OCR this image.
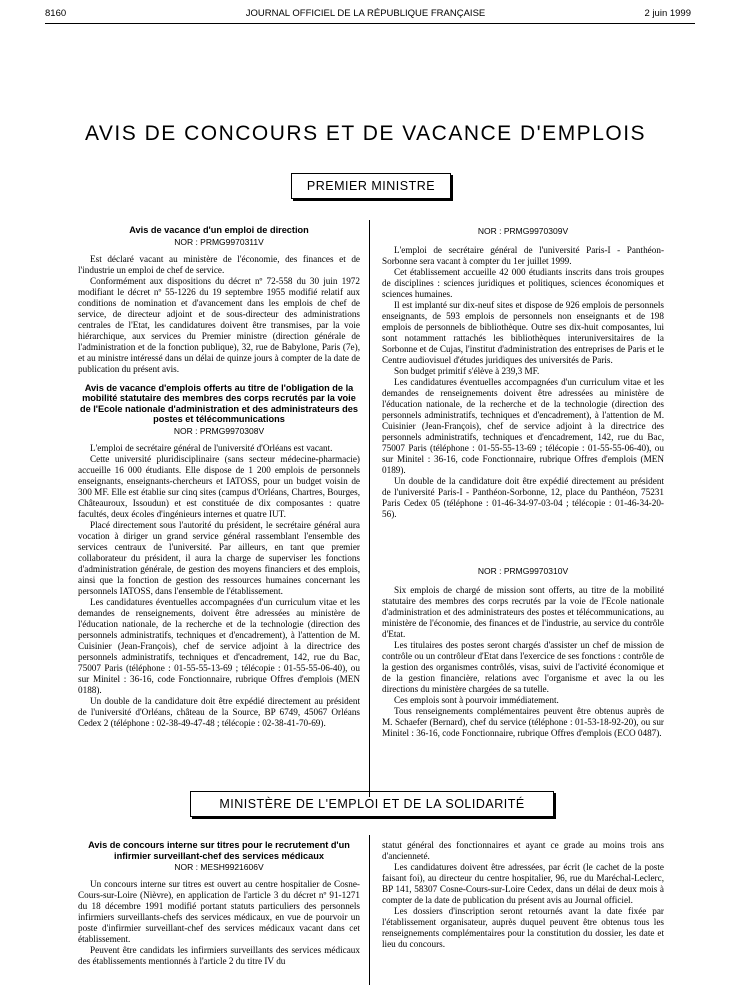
8160	JOURNAL OFFICIEL DE LA RÉPUBLIQUE FRANÇAISE	2 juin 1999
AVIS DE CONCOURS ET DE VACANCE D'EMPLOIS
PREMIER MINISTRE
Avis de vacance d'un emploi de direction
NOR : PRMG9970311V

Est déclaré vacant au ministère de l'économie, des finances et de l'industrie un emploi de chef de service.

Conformément aux dispositions du décret nº 72-558 du 30 juin 1972 modifiant le décret nº 55-1226 du 19 septembre 1955 modifié relatif aux conditions de nomination et d'avancement dans les emplois de chef de service, de directeur adjoint et de sous-directeur des administrations centrales de l'Etat, les candidatures doivent être transmises, par la voie hiérarchique, aux services du Premier ministre (direction générale de l'administration et de la fonction publique), 32, rue de Babylone, Paris (7e), et au ministre intéressé dans un délai de quinze jours à compter de la date de publication du présent avis.

Avis de vacance d'emplois offerts au titre de l'obligation de la mobilité statutaire des membres des corps recrutés par la voie de l'Ecole nationale d'administration et des administrateurs des postes et télécommunications
NOR : PRMG9970308V

L'emploi de secrétaire général de l'université d'Orléans est vacant.

Cette université pluridisciplinaire (sans secteur médecine-pharmacie) accueille 16 000 étudiants. Elle dispose de 1 200 emplois de personnels enseignants, enseignants-chercheurs et IATOSS, pour un budget voisin de 300 MF. Elle est établie sur cinq sites (campus d'Orléans, Chartres, Bourges, Châteauroux, Issoudun) et est constituée de dix composantes : quatre facultés, deux écoles d'ingénieurs internes et quatre IUT.

Placé directement sous l'autorité du président, le secrétaire général aura vocation à diriger un grand service général rassemblant l'ensemble des services centraux de l'université. Par ailleurs, en tant que premier collaborateur du président, il aura la charge de superviser les fonctions d'administration générale, de gestion des moyens financiers et des emplois, ainsi que la fonction de gestion des ressources humaines concernant les personnels IATOSS, dans l'ensemble de l'établissement.

Les candidatures éventuelles accompagnées d'un curriculum vitae et les demandes de renseignements, doivent être adressées au ministère de l'éducation nationale, de la recherche et de la technologie (direction des personnels administratifs, techniques et d'encadrement), à l'attention de M. Cuisinier (Jean-François), chef de service adjoint à la directrice des personnels administratifs, techniques et d'encadrement, 142, rue du Bac, 75007 Paris (téléphone : 01-55-55-13-69 ; télécopie : 01-55-55-06-40), ou sur Minitel : 36-16, code Fonctionnaire, rubrique Offres d'emplois (MEN 0188).

Un double de la candidature doit être expédié directement au président de l'université d'Orléans, château de la Source, BP 6749, 45067 Orléans Cedex 2 (téléphone : 02-38-49-47-48 ; télécopie : 02-38-41-70-69).

NOR : PRMG9970309V

L'emploi de secrétaire général de l'université Paris-I - Panthéon-Sorbonne sera vacant à compter du 1er juillet 1999.

Cet établissement accueille 42 000 étudiants inscrits dans trois groupes de disciplines : sciences juridiques et politiques, sciences économiques et sciences humaines.

Il est implanté sur dix-neuf sites et dispose de 926 emplois de personnels enseignants, de 593 emplois de personnels non enseignants et de 198 emplois de personnels de bibliothèque. Outre ses dix-huit composantes, lui sont notamment rattachés les bibliothèques interuniversitaires de la Sorbonne et de Cujas, l'institut d'administration des entreprises de Paris et le Centre audiovisuel d'études juridiques des universités de Paris.

Son budget primitif s'élève à 239,3 MF.

Les candidatures éventuelles accompagnées d'un curriculum vitae et les demandes de renseignements doivent être adressées au ministère de l'éducation nationale, de la recherche et de la technologie (direction des personnels administratifs, techniques et d'encadrement), à l'attention de M. Cuisinier (Jean-François), chef de service adjoint à la directrice des personnels administratifs, techniques et d'encadrement, 142, rue du Bac, 75007 Paris (téléphone : 01-55-55-13-69 ; télécopie : 01-55-55-06-40), ou sur Minitel : 36-16, code Fonctionnaire, rubrique Offres d'emplois (MEN 0189).

Un double de la candidature doit être expédié directement au président de l'université Paris-I - Panthéon-Sorbonne, 12, place du Panthéon, 75231 Paris Cedex 05 (téléphone : 01-46-34-97-03-04 ; télécopie : 01-46-34-20-56).

NOR : PRMG9970310V

Six emplois de chargé de mission sont offerts, au titre de la mobilité statutaire des membres des corps recrutés par la voie de l'Ecole nationale d'administration et des administrateurs des postes et télécommunications, au ministère de l'économie, des finances et de l'industrie, au service du contrôle d'Etat.

Les titulaires des postes seront chargés d'assister un chef de mission de contrôle ou un contrôleur d'Etat dans l'exercice de ses fonctions : contrôle de la gestion des organismes contrôlés, visas, suivi de l'activité économique et de la gestion financière, relations avec l'organisme et avec la ou les directions du ministère chargées de sa tutelle.

Ces emplois sont à pourvoir immédiatement.

Tous renseignements complémentaires peuvent être obtenus auprès de M. Schaefer (Bernard), chef du service (téléphone : 01-53-18-92-20), ou sur Minitel : 36-16, code Fonctionnaire, rubrique Offres d'emplois (ECO 0487).

MINISTÈRE DE L'EMPLOI ET DE LA SOLIDARITÉ
Avis de concours interne sur titres pour le recrutement d'un infirmier surveillant-chef des services médicaux
NOR : MESH9921606V

Un concours interne sur titres est ouvert au centre hospitalier de Cosne-Cours-sur-Loire (Nièvre), en application de l'article 3 du décret nº 91-1271 du 18 décembre 1991 modifié portant statuts particuliers des personnels infirmiers surveillants-chefs des services médicaux, en vue de pourvoir un poste d'infirmier surveillant-chef des services médicaux vacant dans cet établissement.

Peuvent être candidats les infirmiers surveillants des services médicaux des établissements mentionnés à l'article 2 du titre IV du

statut général des fonctionnaires et ayant ce grade au moins trois ans d'ancienneté.

Les candidatures doivent être adressées, par écrit (le cachet de la poste faisant foi), au directeur du centre hospitalier, 96, rue du Maréchal-Leclerc, BP 141, 58307 Cosne-Cours-sur-Loire Cedex, dans un délai de deux mois à compter de la date de publication du présent avis au Journal officiel.

Les dossiers d'inscription seront retournés avant la date fixée par l'établissement organisateur, auprès duquel peuvent être obtenus tous les renseignements complémentaires pour la constitution du dossier, les date et lieu du concours.
